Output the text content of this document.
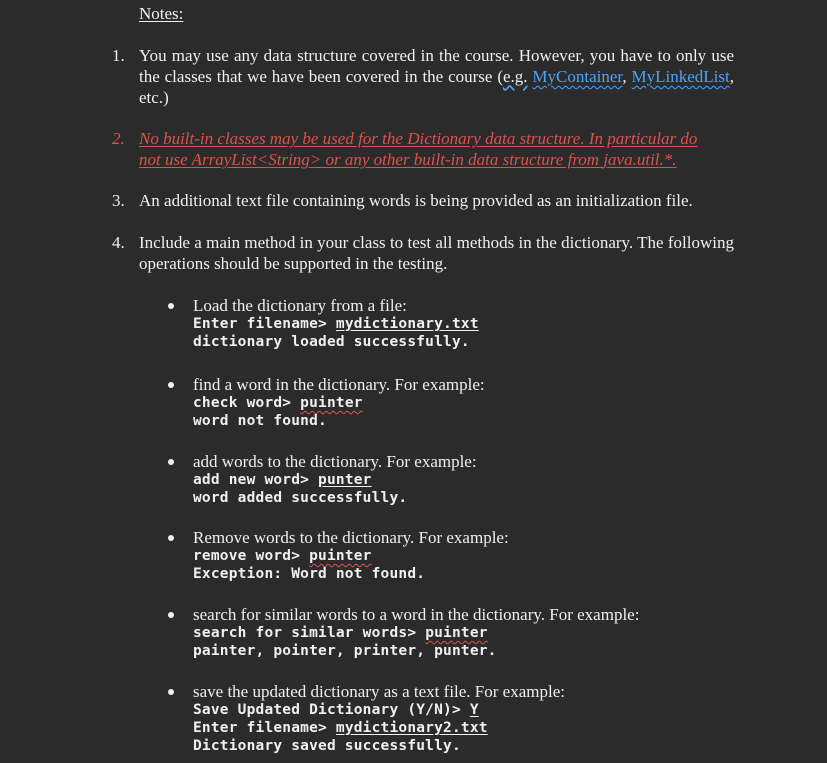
Notes:
1. You may use any data structure covered in the course. However, you have to only use the classes that we have been covered in the course (e.g. MyContainer, MyLinkedList, etc.)
2. No built-in classes may be used for the Dictionary data structure. In particular do
not use ArrayList<String> or any other built-in data structure from java.util.*.
3. An additional text file containing words is being provided as an initialization file.
4. Include a main method in your class to test all methods in the dictionary. The following operations should be supported in the testing.
Load the dictionary from a file:
Enter filename> mydictionary.txt
dictionary loaded successfully.
find a word in the dictionary. For example:
check word> puinter
word not found.
add words to the dictionary. For example:
add new word> punter
word added successfully.
Remove words to the dictionary. For example:
remove word> puinter
Exception: Word not found.
search for similar words to a word in the dictionary. For example:
search for similar words> puinter
painter, pointer, printer, punter.
save the updated dictionary as a text file. For example:
Save Updated Dictionary (Y/N)> Y
Enter filename> mydictionary2.txt
Dictionary saved successfully.
